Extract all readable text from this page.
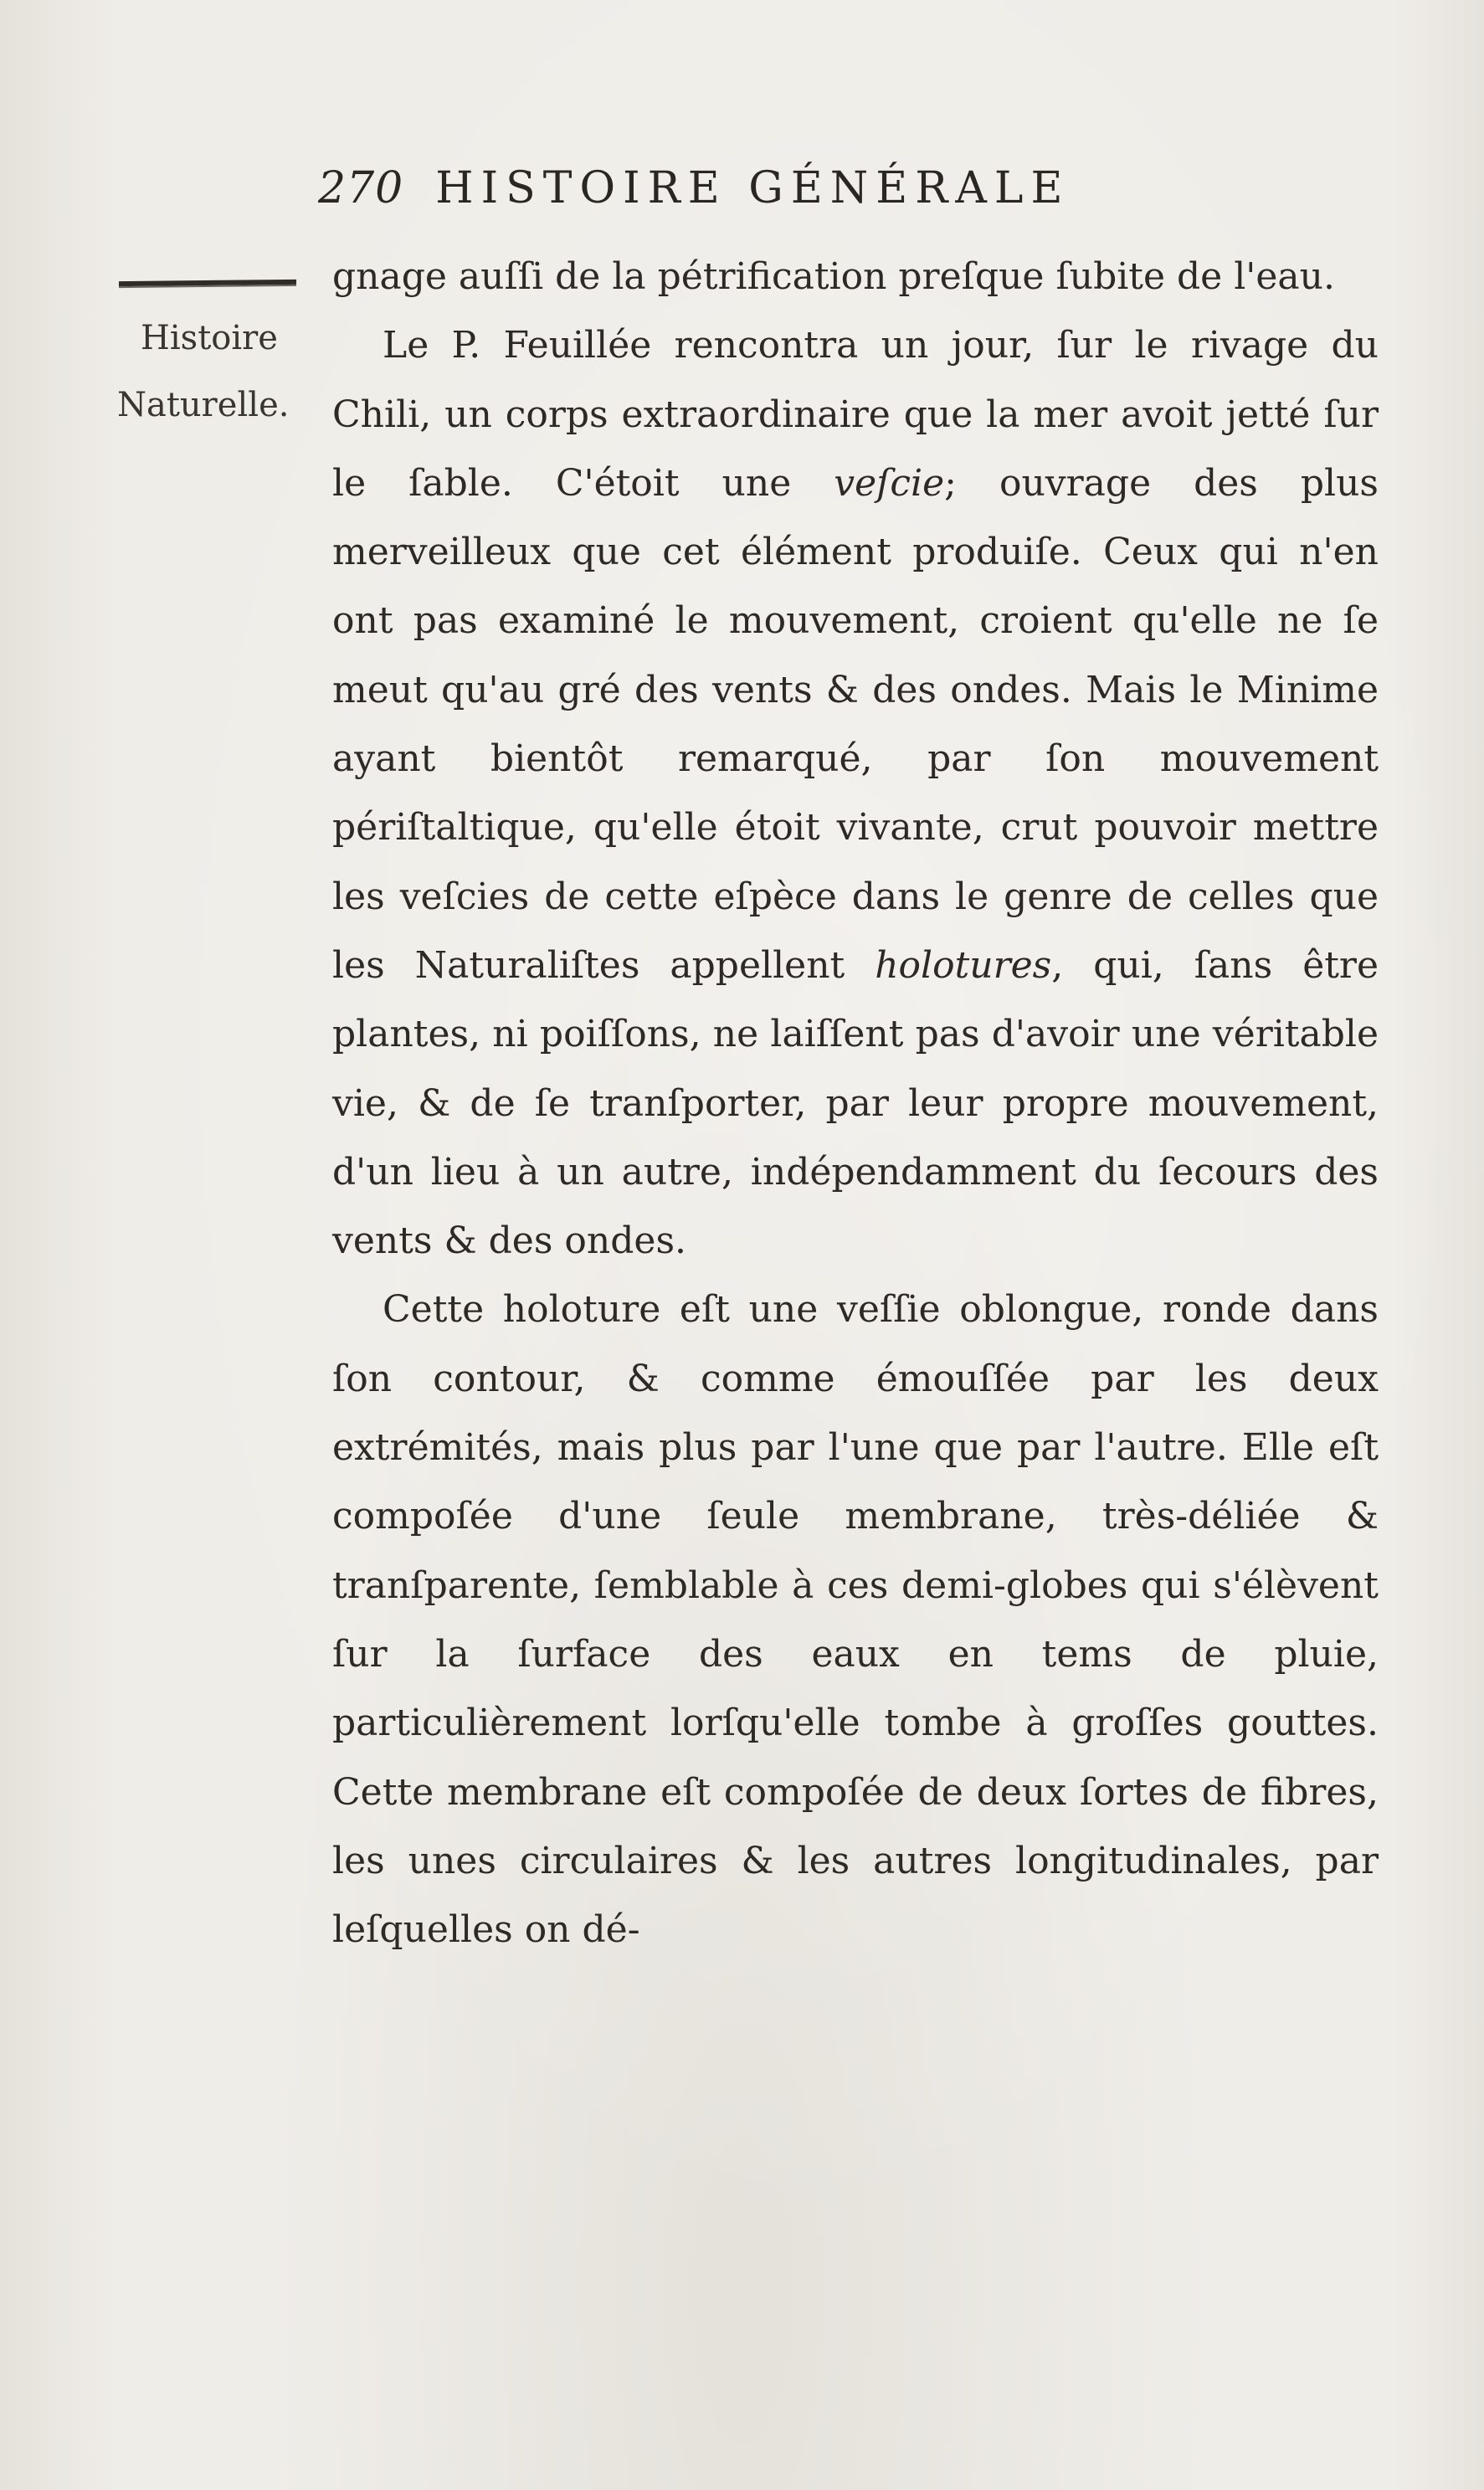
270 HISTOIRE GÉNÉRALE
Histoire
Naturelle.

gnage auſſi de la pétrification preſque ſubite de l'eau.

Le P. Feuillée rencontra un jour, ſur le rivage du Chili, un corps extraordinaire que la mer avoit jetté ſur le ſable. C'étoit une veſcie; ouvrage des plus merveilleux que cet élément produiſe. Ceux qui n'en ont pas examiné le mouvement, croient qu'elle ne ſe meut qu'au gré des vents & des ondes. Mais le Minime ayant bientôt remarqué, par ſon mouvement périſtaltique, qu'elle étoit vivante, crut pouvoir mettre les veſcies de cette eſpèce dans le genre de celles que les Naturaliſtes appellent holotures, qui, ſans être plantes, ni poiſſons, ne laiſſent pas d'avoir une véritable vie, & de ſe tranſporter, par leur propre mouvement, d'un lieu à un autre, indépendamment du ſecours des vents & des ondes.

Cette holoture eſt une veſſie oblongue, ronde dans ſon contour, & comme émouſſée par les deux extrémités, mais plus par l'une que par l'autre. Elle eſt compoſée d'une ſeule membrane, très-déliée & tranſparente, ſemblable à ces demi-globes qui s'élèvent ſur la ſurface des eaux en tems de pluie, particulièrement lorſqu'elle tombe à groſſes gouttes. Cette membrane eſt compoſée de deux ſortes de fibres, les unes circulaires & les autres longitudinales, par leſquelles on dé-
